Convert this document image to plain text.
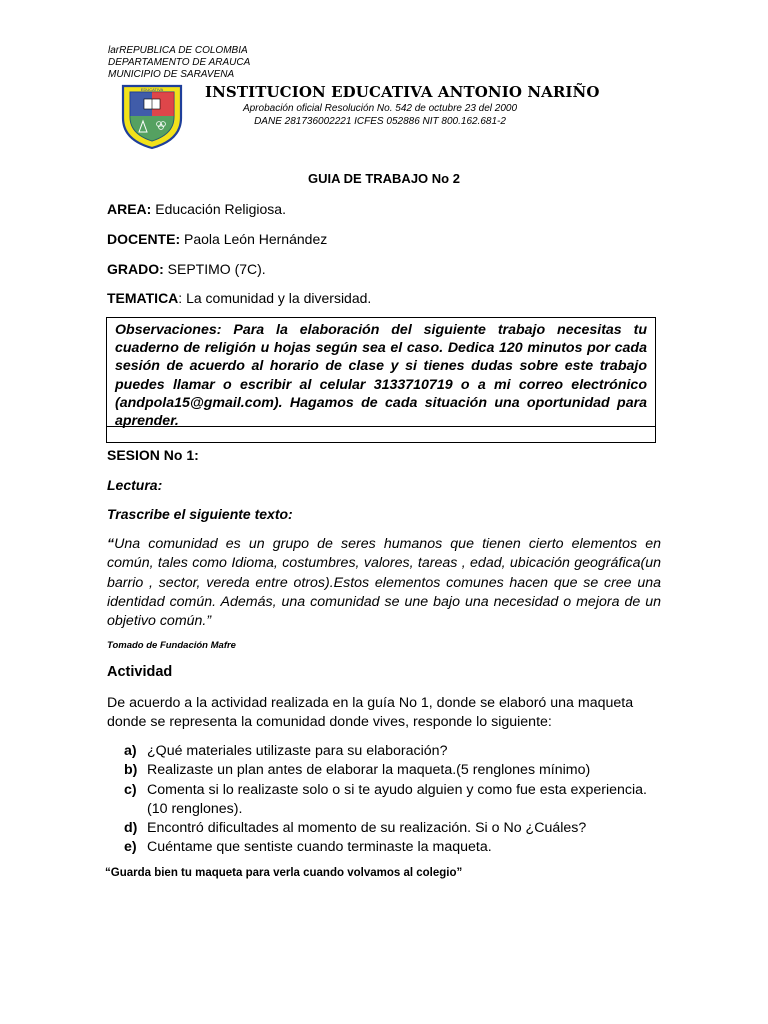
larREPUBLICA DE COLOMBIA
DEPARTAMENTO DE ARAUCA
MUNICIPIO DE SARAVENA
EDUCATIVA	INSTITUCION EDUCATIVA ANTONIO NARIÑO
Aprobación oficial Resolución No. 542 de octubre 23 del 2000
DANE 281736002221 ICFES 052886 NIT 800.162.681-2
GUIA DE TRABAJO No 2
AREA: Educación Religiosa.
DOCENTE: Paola León Hernández
GRADO: SEPTIMO (7C).
TEMATICA: La comunidad y la diversidad.
Observaciones: Para la elaboración del siguiente trabajo necesitas tu cuaderno de religión u hojas según sea el caso. Dedica 120 minutos por cada sesión de acuerdo al horario de clase y si tienes dudas sobre este trabajo puedes llamar o escribir al celular 3133710719 o a mi correo electrónico (andpola15@gmail.com). Hagamos de cada situación una oportunidad para aprender.
SESION No 1:
Lectura:
Trascribe el siguiente texto:
“Una comunidad es un grupo de seres humanos que tienen cierto elementos en común, tales como Idioma, costumbres, valores, tareas , edad, ubicación geográfica(un barrio , sector, vereda entre otros).Estos elementos comunes hacen que se cree una identidad común. Además, una comunidad se une bajo una necesidad o mejora de un objetivo común.”
Tomado de Fundación Mafre
Actividad
De acuerdo a la actividad realizada en la guía No 1, donde se elaboró una maqueta donde se representa la comunidad donde vives, responde lo siguiente:
a) ¿Qué materiales utilizaste para su elaboración?
b) Realizaste un plan antes de elaborar la maqueta.(5 renglones mínimo)
c) Comenta si lo realizaste solo o si te ayudo alguien y como fue esta experiencia. (10 renglones).
d) Encontró dificultades al momento de su realización. Si o No ¿Cuáles?
e) Cuéntame que sentiste cuando terminaste la maqueta.
“Guarda bien tu maqueta para verla cuando volvamos al colegio”
